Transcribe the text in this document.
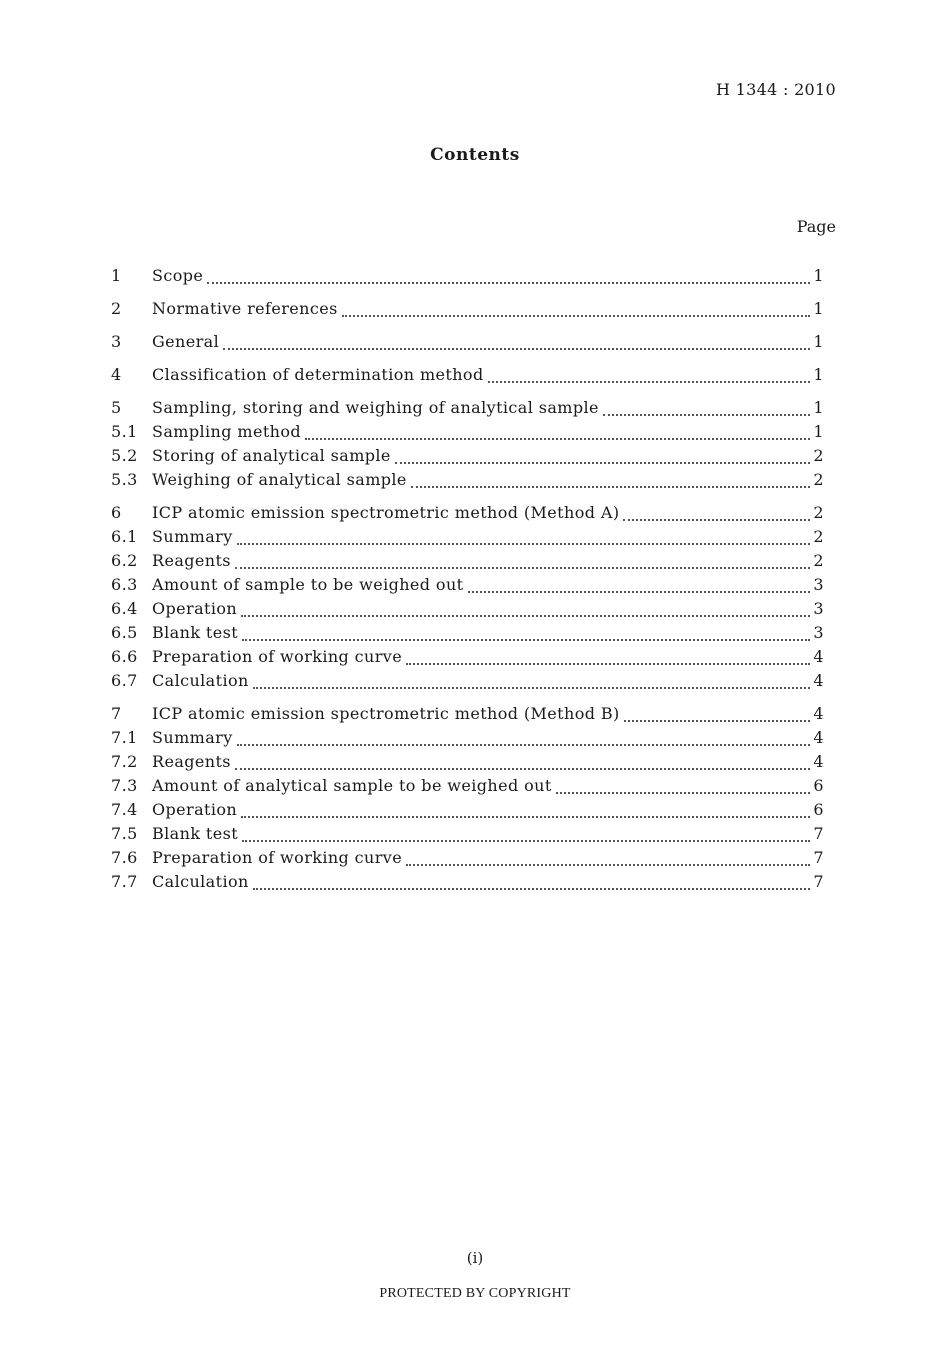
H 1344 : 2010
Contents
Page
1	Scope	1
2	Normative references	1
3	General	1
4	Classification of determination method	1
5	Sampling, storing and weighing of analytical sample	1
5.1 Sampling method	1
5.2 Storing of analytical sample	2
5.3 Weighing of analytical sample	2
6	ICP atomic emission spectrometric method (Method A)	2
6.1 Summary	2
6.2 Reagents	2
6.3 Amount of sample to be weighed out	3
6.4 Operation	3
6.5 Blank test	3
6.6 Preparation of working curve	4
6.7 Calculation	4
7	ICP atomic emission spectrometric method (Method B)	4
7.1 Summary	4
7.2 Reagents	4
7.3 Amount of analytical sample to be weighed out	6
7.4 Operation	6
7.5 Blank test	7
7.6 Preparation of working curve	7
7.7 Calculation	7
(i)
PROTECTED BY COPYRIGHT
